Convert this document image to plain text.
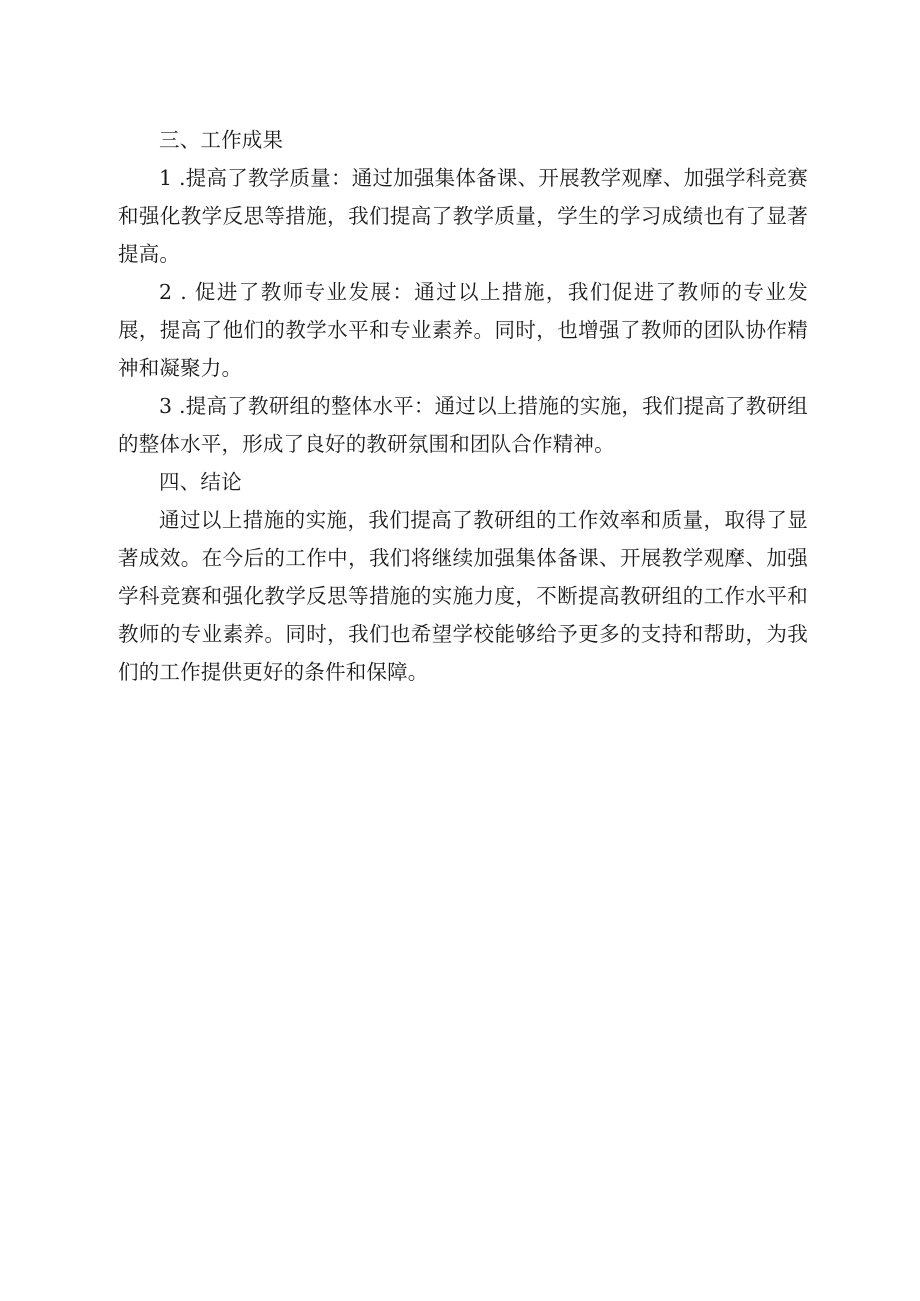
三、工作成果

1 .提高了教学质量：通过加强集体备课、开展教学观摩、加强学科竞赛和强化教学反思等措施，我们提高了教学质量，学生的学习成绩也有了显著提高。

2 . 促进了教师专业发展：通过以上措施，我们促进了教师的专业发展，提高了他们的教学水平和专业素养。同时，也增强了教师的团队协作精神和凝聚力。

3 .提高了教研组的整体水平：通过以上措施的实施，我们提高了教研组的整体水平，形成了良好的教研氛围和团队合作精神。

四、结论

通过以上措施的实施，我们提高了教研组的工作效率和质量，取得了显著成效。在今后的工作中，我们将继续加强集体备课、开展教学观摩、加强学科竞赛和强化教学反思等措施的实施力度，不断提高教研组的工作水平和教师的专业素养。同时，我们也希望学校能够给予更多的支持和帮助，为我们的工作提供更好的条件和保障。
